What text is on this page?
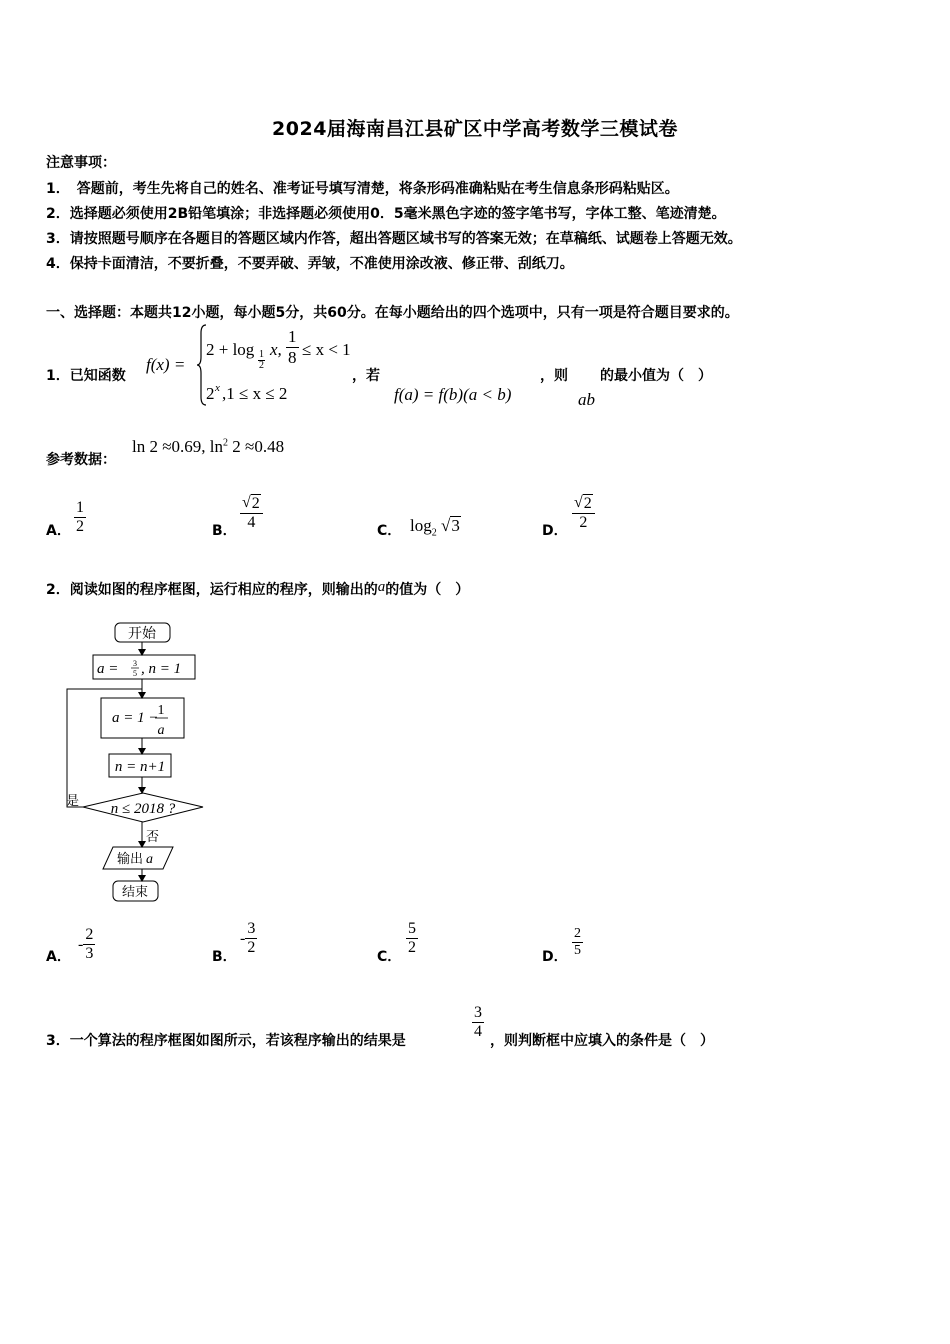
2024届海南昌江县矿区中学高考数学三模试卷
注意事项：
1．　答题前，考生先将自己的姓名、准考证号填写清楚，将条形码准确粘贴在考生信息条形码粘贴区。
2．选择题必须使用2B铅笔填涂；非选择题必须使用0．5毫米黑色字迹的签字笔书写，字体工整、笔迹清楚。
3．请按照题号顺序在各题目的答题区域内作答，超出答题区域书写的答案无效；在草稿纸、试题卷上答题无效。
4．保持卡面清洁，不要折叠，不要弄破、弄皱，不准使用涂改液、修正带、刮纸刀。
一、选择题：本题共12小题，每小题5分，共60分。在每小题给出的四个选项中，只有一项是符合题目要求的。
1．已知函数
f(x) =
2 + log 1
2
x, $\frac{1}{8} \le x < 1$
2 x ,1 ≤ x ≤ 2
，若
f(a) = f(b)(a < b)
，则
ab
的最小值为（　）
参考数据：
ln 2 ≈0.69, $\ln^2 2 \approx 0.48$
A． $\frac{1}{2}$	B． $\frac{√ 2}{4}$	C． $\log_2$ √ 3	D． $\frac{√ 2}{2}$
2．阅读如图的程序框图，运行相应的程序，则输出的a的值为（　）
开始
a = 3
5 , n = 1
a = 1 − 1
a
n = n+1
n ≤ 2018 ?
是
否
输出 a
结束
A．
- $\frac{2}{3}$	B．
- $\frac{3}{2}$	C． $\frac{5}{2}$	D． $\frac{2}{5}$
3．一个算法的程序框图如图所示，若该程序输出的结果是	$\frac{3}{4}$ ，则判断框中应填入的条件是（　）
